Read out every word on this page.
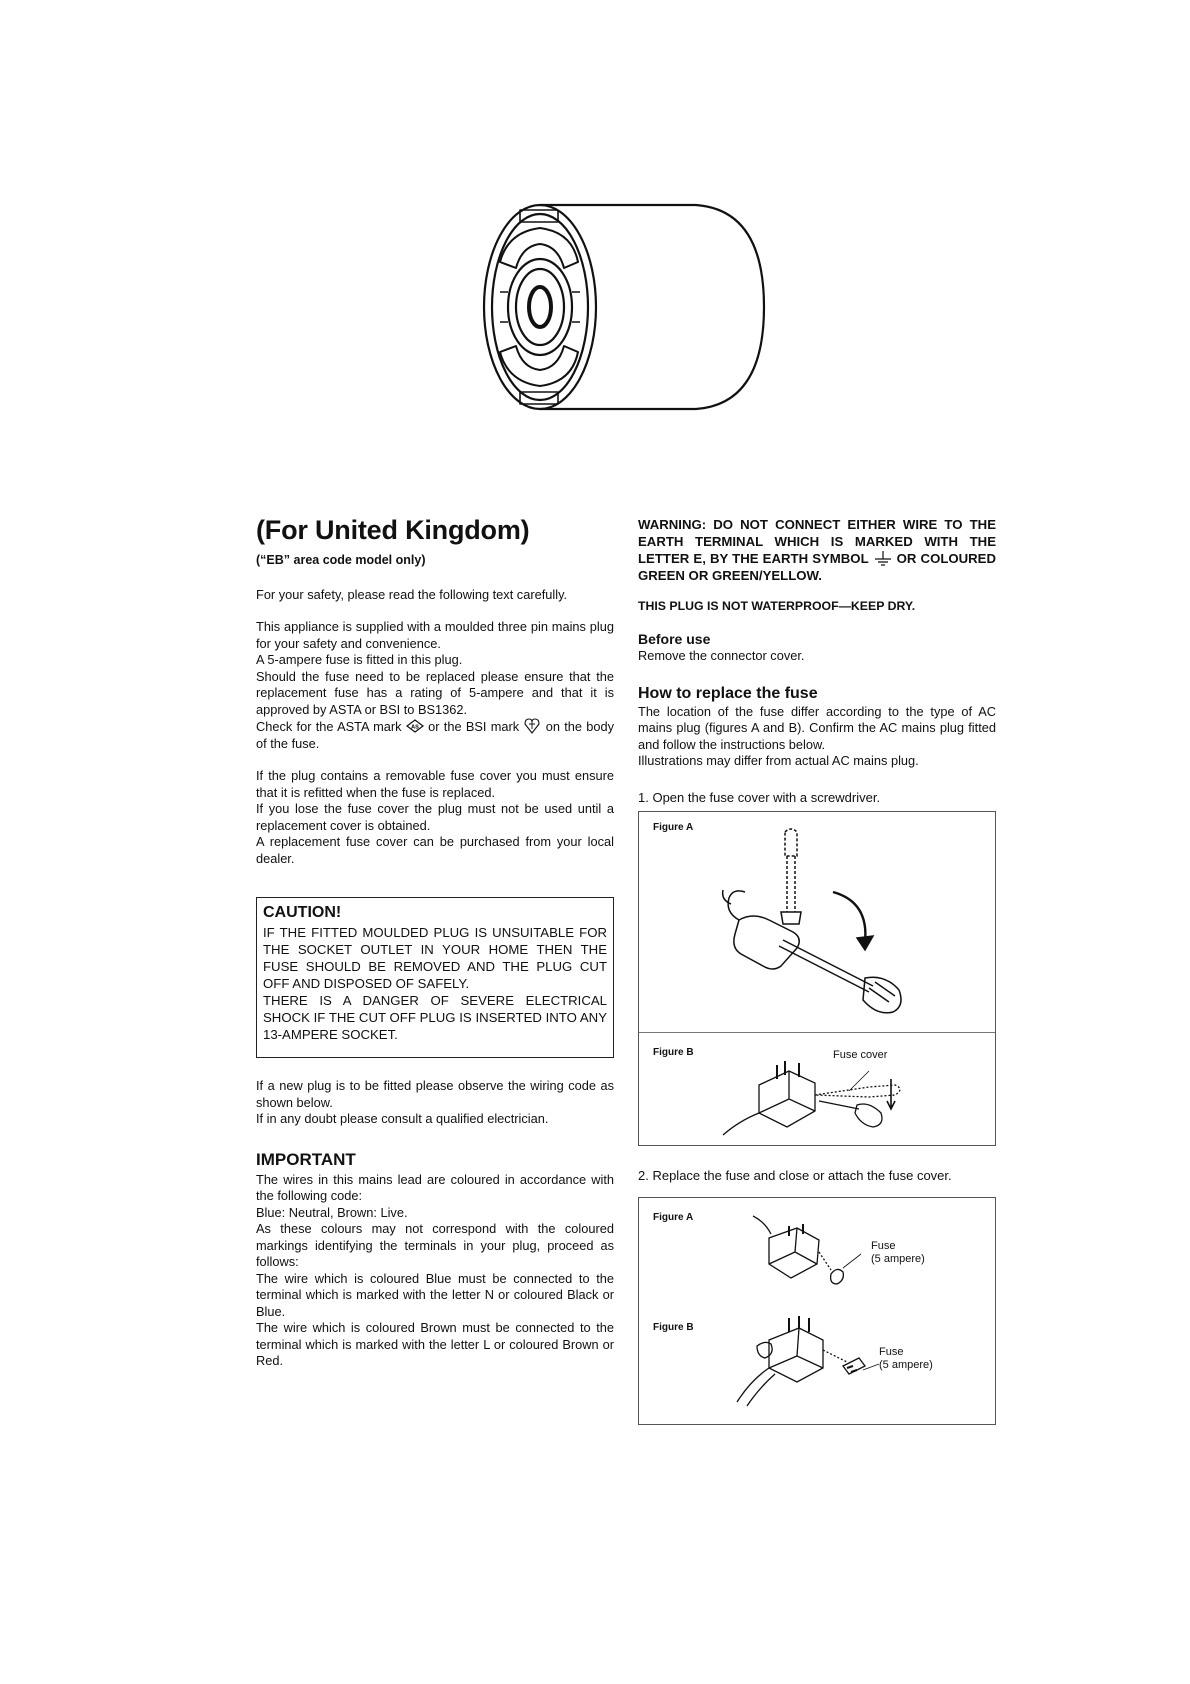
(For United Kingdom)
(“EB” area code model only)

For your safety, please read the following text carefully.

This appliance is supplied with a moulded three pin mains plug for your safety and convenience.

A 5-ampere fuse is fitted in this plug.

Should the fuse need to be replaced please ensure that the replacement fuse has a rating of 5-ampere and that it is approved by ASTA or BSI to BS1362.

Check for the ASTA mark AS or the BSI mark on the body of the fuse.

If the plug contains a removable fuse cover you must ensure that it is refitted when the fuse is replaced.

If you lose the fuse cover the plug must not be used until a replacement cover is obtained.

A replacement fuse cover can be purchased from your local dealer.

CAUTION!
IF THE FITTED MOULDED PLUG IS UNSUITABLE FOR THE SOCKET OUTLET IN YOUR HOME THEN THE FUSE SHOULD BE REMOVED AND THE PLUG CUT OFF AND DISPOSED OF SAFELY.
THERE IS A DANGER OF SEVERE ELECTRICAL SHOCK IF THE CUT OFF PLUG IS INSERTED INTO ANY 13-AMPERE SOCKET.

If a new plug is to be fitted please observe the wiring code as shown below.

If in any doubt please consult a qualified electrician.

IMPORTANT

The wires in this mains lead are coloured in accordance with the following code:

Blue: Neutral, Brown: Live.

As these colours may not correspond with the coloured markings identifying the terminals in your plug, proceed as follows:

The wire which is coloured Blue must be connected to the terminal which is marked with the letter N or coloured Black or Blue.

The wire which is coloured Brown must be connected to the terminal which is marked with the letter L or coloured Brown or Red.

WARNING: DO NOT CONNECT EITHER WIRE TO THE EARTH TERMINAL WHICH IS MARKED WITH THE LETTER E, BY THE EARTH SYMBOL OR COLOURED GREEN OR GREEN/YELLOW.
THIS PLUG IS NOT WATERPROOF—KEEP DRY.
Before use

Remove the connector cover.

How to replace the fuse

The location of the fuse differ according to the type of AC mains plug (figures A and B). Confirm the AC mains plug fitted and follow the instructions below.

Illustrations may differ from actual AC mains plug.

1. Open the fuse cover with a screwdriver.
Figure A
Figure B	Fuse cover
2. Replace the fuse and close or attach the fuse cover.
Figure A
Figure B
Fuse
(5 ampere)
Fuse
(5 ampere)
